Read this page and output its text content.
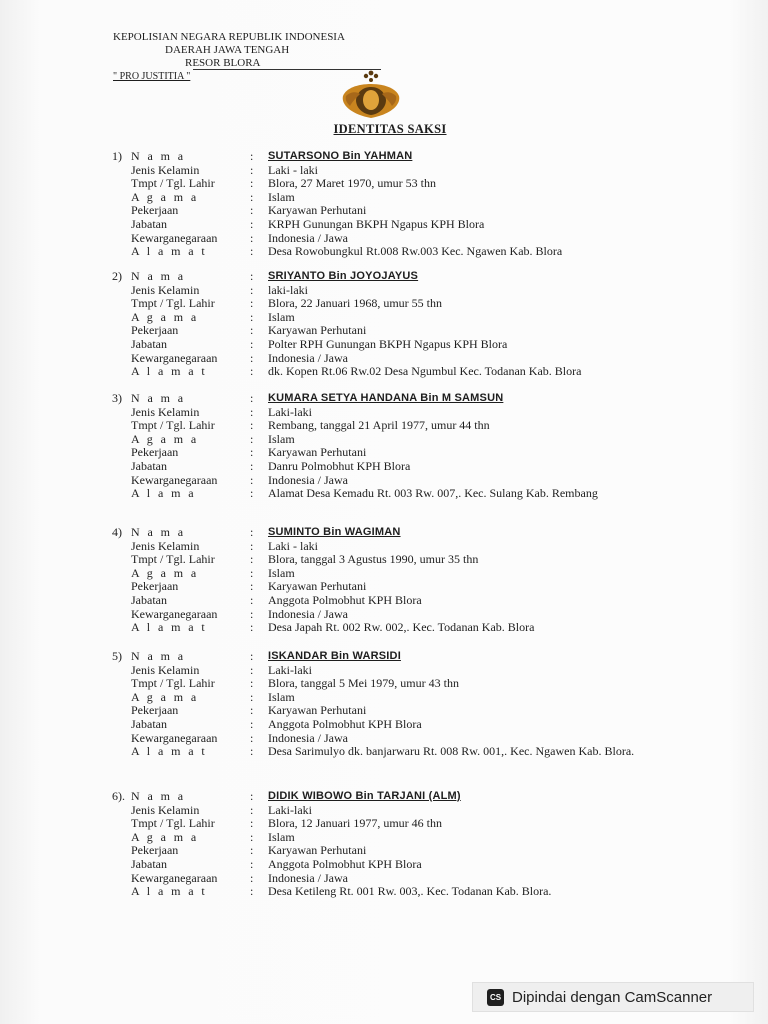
KEPOLISIAN NEGARA REPUBLIK INDONESIA
DAERAH JAWA TENGAH
RESOR BLORA
" PRO JUSTITIA "
IDENTITAS SAKSI
1) N a m a	: SUTARSONO Bin YAHMAN
Jenis Kelamin	: Laki - laki
Tmpt / Tgl. Lahir	: Blora, 27 Maret 1970, umur 53 thn
A g a m a	: Islam
Pekerjaan	: Karyawan Perhutani
Jabatan	: KRPH Gunungan BKPH Ngapus KPH Blora
Kewarganegaraan	: Indonesia / Jawa
A l a m a t	: Desa Rowobungkul Rt.008 Rw.003 Kec. Ngawen Kab. Blora
2) N a m a	: SRIYANTO Bin JOYOJAYUS
Jenis Kelamin	: laki-laki
Tmpt / Tgl. Lahir	: Blora, 22 Januari 1968, umur 55 thn
A g a m a	: Islam
Pekerjaan	: Karyawan Perhutani
Jabatan	: Polter RPH Gunungan BKPH Ngapus KPH Blora
Kewarganegaraan	: Indonesia / Jawa
A l a m a t	: dk. Kopen Rt.06 Rw.02 Desa Ngumbul Kec. Todanan Kab. Blora
3) N a m a	: KUMARA SETYA HANDANA Bin M SAMSUN
Jenis Kelamin	: Laki-laki
Tmpt / Tgl. Lahir	: Rembang, tanggal 21 April 1977, umur 44 thn
A g a m a	: Islam
Pekerjaan	: Karyawan Perhutani
Jabatan	: Danru Polmobhut KPH Blora
Kewarganegaraan	: Indonesia / Jawa
A l a m a	: Alamat Desa Kemadu Rt. 003 Rw. 007,. Kec. Sulang Kab. Rembang
4) N a m a	: SUMINTO Bin WAGIMAN
Jenis Kelamin	: Laki - laki
Tmpt / Tgl. Lahir	: Blora, tanggal 3 Agustus 1990, umur 35 thn
A g a m a	: Islam
Pekerjaan	: Karyawan Perhutani
Jabatan	: Anggota Polmobhut KPH Blora
Kewarganegaraan	: Indonesia / Jawa
A l a m a t	: Desa Japah Rt. 002 Rw. 002,. Kec. Todanan Kab. Blora
5) N a m a	: ISKANDAR Bin WARSIDI
Jenis Kelamin	: Laki-laki
Tmpt / Tgl. Lahir	: Blora, tanggal 5 Mei 1979, umur 43 thn
A g a m a	: Islam
Pekerjaan	: Karyawan Perhutani
Jabatan	: Anggota Polmobhut KPH Blora
Kewarganegaraan	: Indonesia / Jawa
A l a m a t	: Desa Sarimulyo dk. banjarwaru Rt. 008 Rw. 001,. Kec. Ngawen Kab. Blora.
6). N a m a	: DIDIK WIBOWO Bin TARJANI (ALM)
Jenis Kelamin	: Laki-laki
Tmpt / Tgl. Lahir	: Blora, 12 Januari 1977, umur 46 thn
A g a m a	: Islam
Pekerjaan	: Karyawan Perhutani
Jabatan	: Anggota Polmobhut KPH Blora
Kewarganegaraan	: Indonesia / Jawa
A l a m a t	: Desa Ketileng Rt. 001 Rw. 003,. Kec. Todanan Kab. Blora.
CS Dipindai dengan CamScanner
